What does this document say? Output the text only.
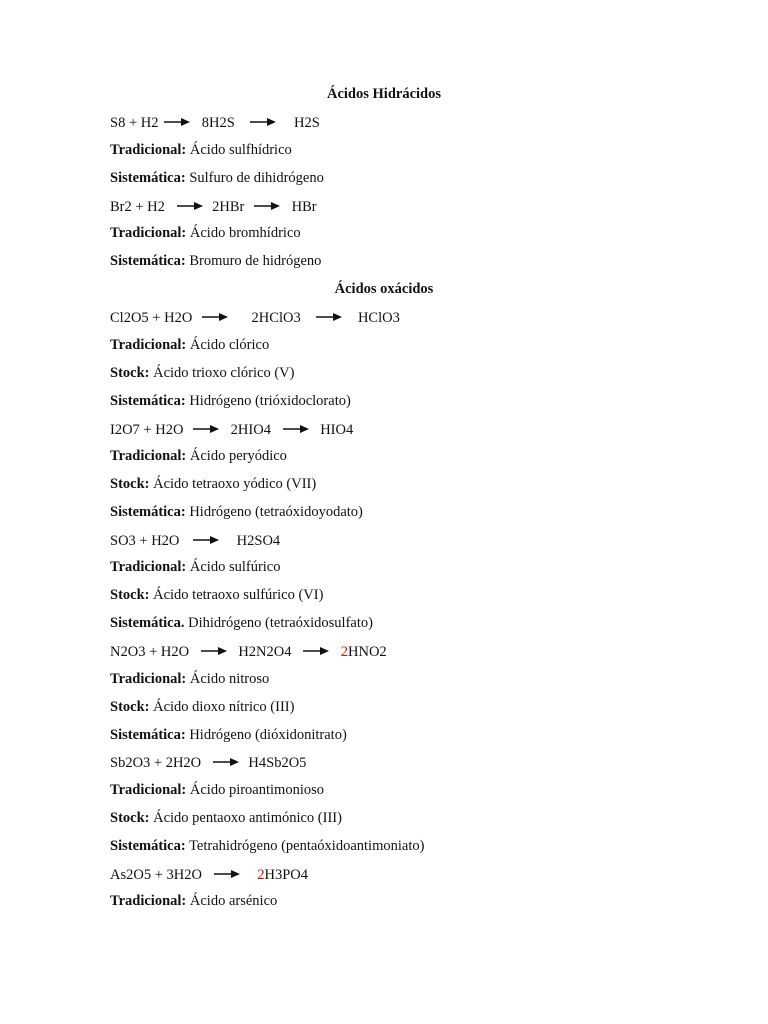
Ácidos Hidrácidos
S8 + H2	8H2S	H2S
Tradicional: Ácido sulfhídrico
Sistemática: Sulfuro de dihidrógeno
Br2 + H2	2HBr	HBr
Tradicional: Ácido bromhídrico
Sistemática: Bromuro de hidrógeno
Ácidos oxácidos
Cl2O5 + H2O	2HClO3	HClO3
Tradicional: Ácido clórico
Stock: Ácido trioxo clórico (V)
Sistemática: Hidrógeno (trióxidoclorato)
I2O7 + H2O	2HIO4	HIO4
Tradicional: Ácido peryódico
Stock: Ácido tetraoxo yódico (VII)
Sistemática: Hidrógeno (tetraóxidoyodato)
SO3 + H2O	H2SO4
Tradicional: Ácido sulfúrico
Stock: Ácido tetraoxo sulfúrico (VI)
Sistemática. Dihidrógeno (tetraóxidosulfato)
N2O3 + H2O	H2N2O4	2HNO2
Tradicional: Ácido nitroso
Stock: Ácido dioxo nítrico (III)
Sistemática: Hidrógeno (dióxidonitrato)
Sb2O3 + 2H2O	H4Sb2O5
Tradicional: Ácido piroantimonioso
Stock: Ácido pentaoxo antimónico (III)
Sistemática: Tetrahidrógeno (pentaóxidoantimoniato)
As2O5 + 3H2O	2H3PO4
Tradicional: Ácido arsénico
